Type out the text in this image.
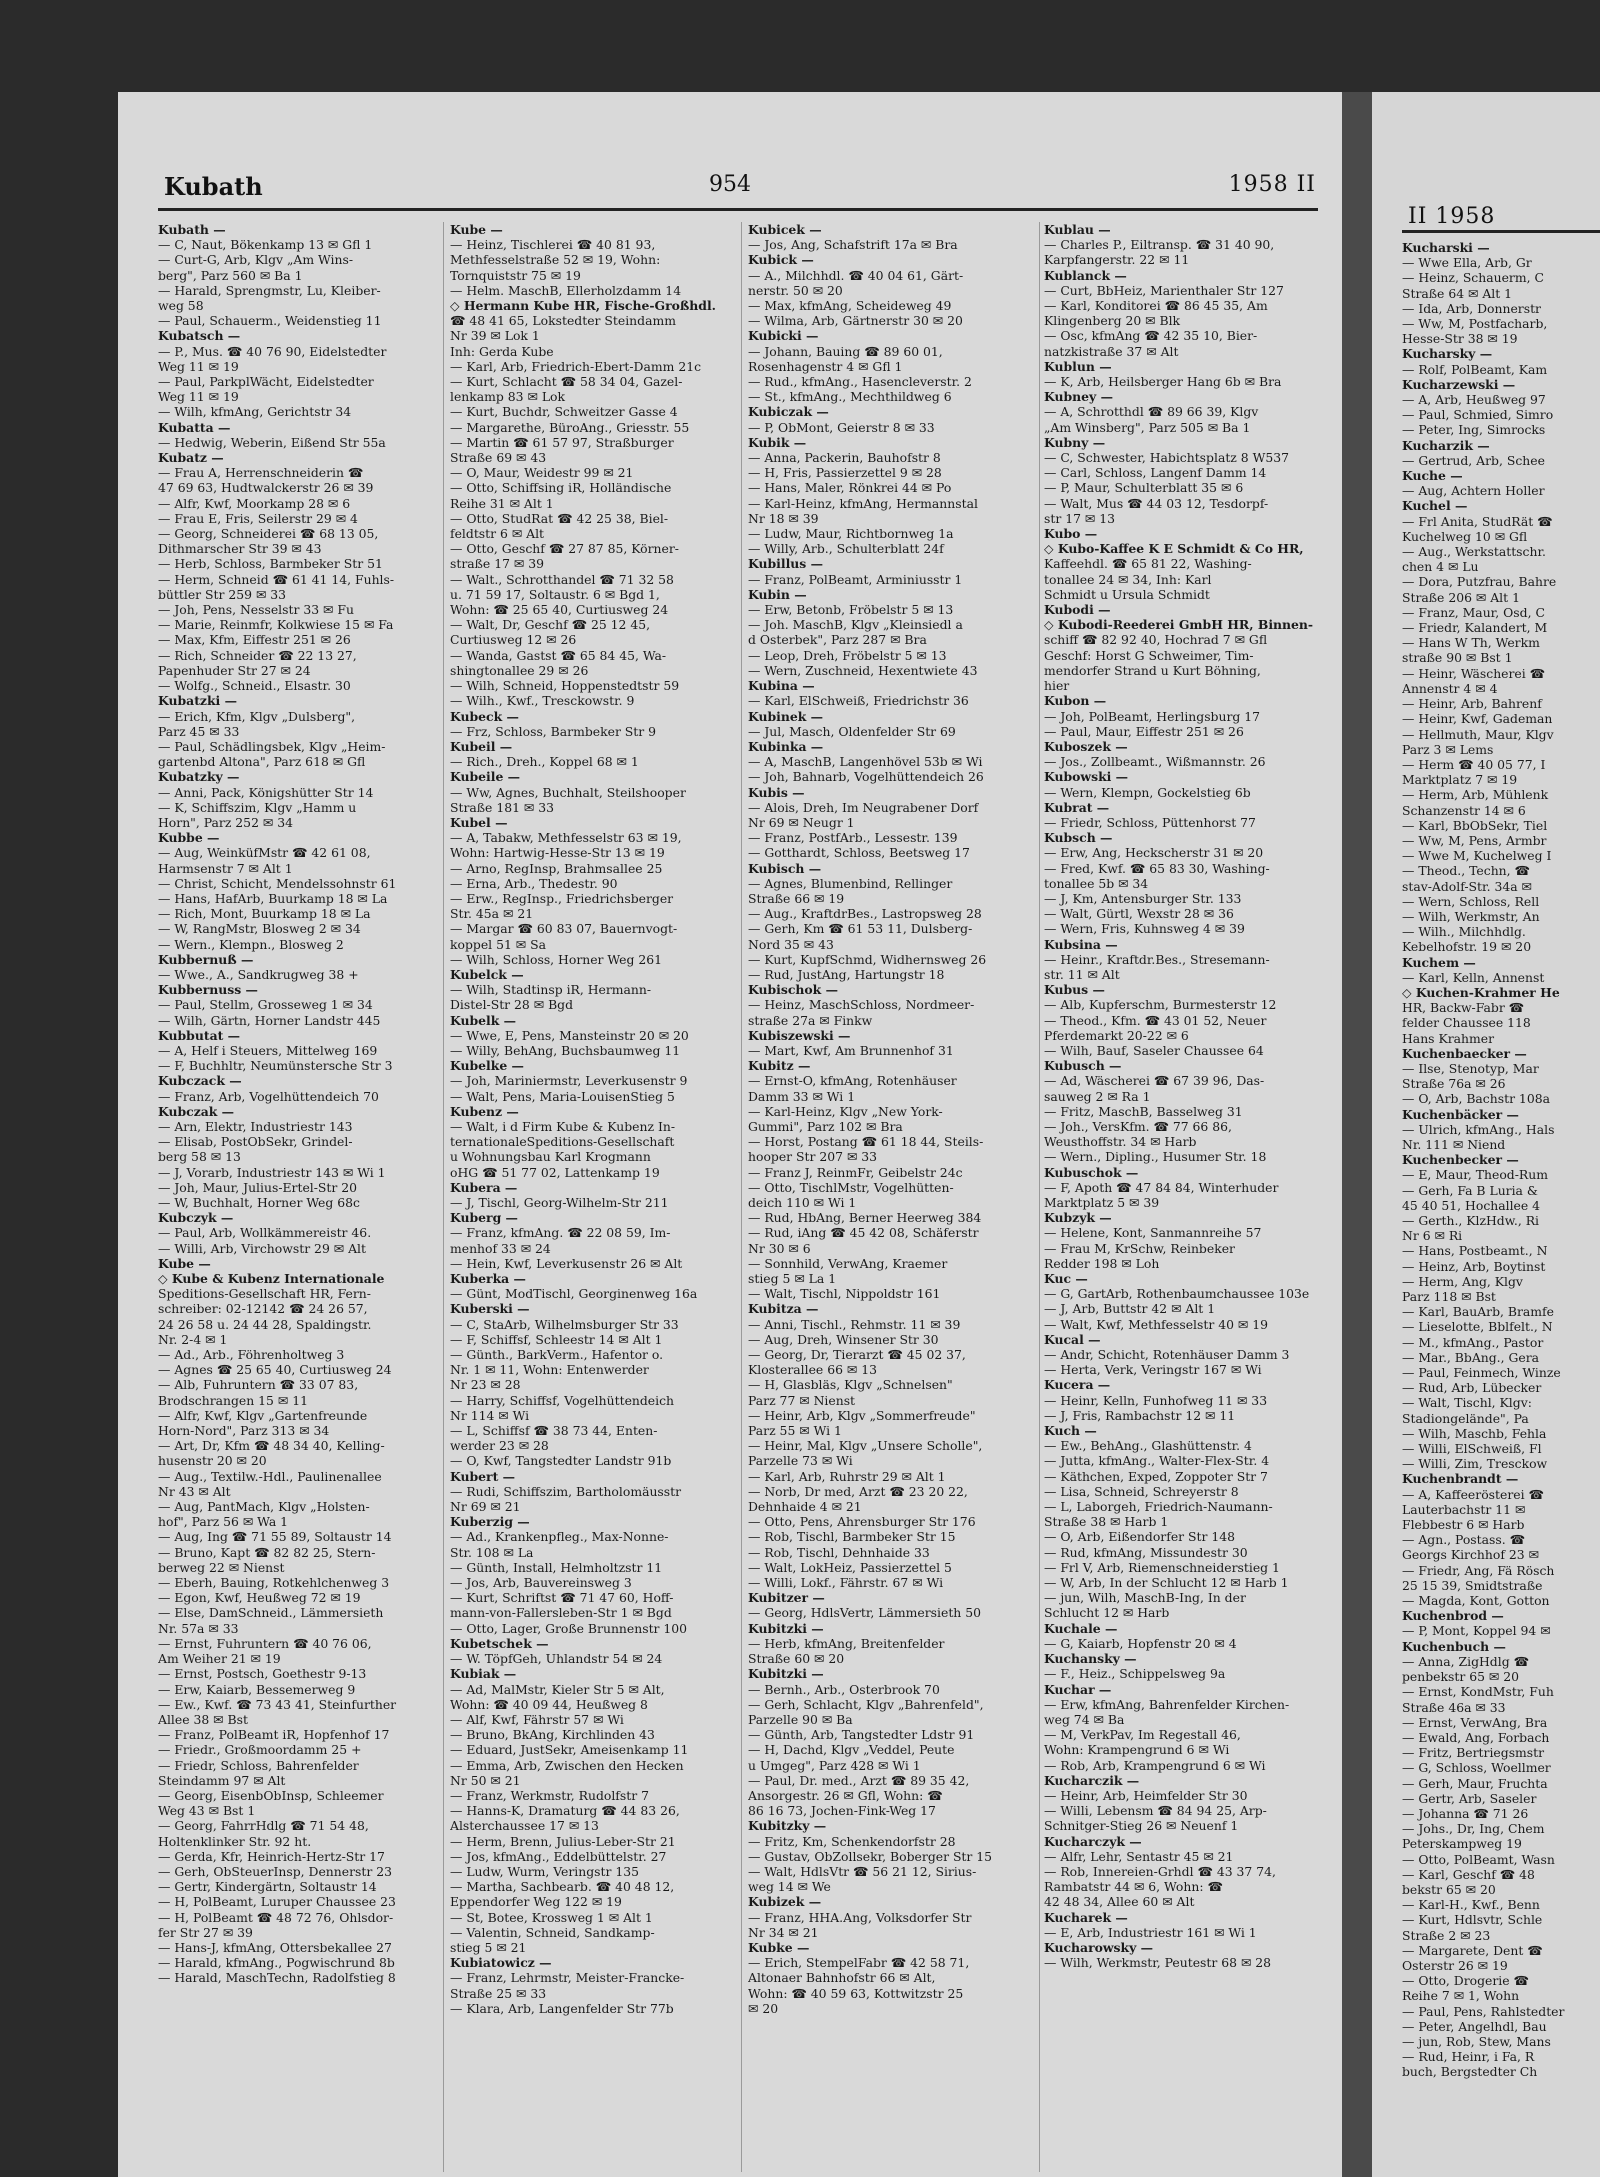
Kubath	954	1958 II
Kubath —
— C, Naut, Bökenkamp 13 ✉ Gfl 1
— Curt-G, Arb, Klgv „Am Wins-
berg", Parz 560 ✉ Ba 1
— Harald, Sprengmstr, Lu, Kleiber-
weg 58
— Paul, Schauerm., Weidenstieg 11
Kubatsch —
— P., Mus. ☎ 40 76 90, Eidelstedter
Weg 11 ✉ 19
— Paul, ParkplWächt, Eidelstedter
Weg 11 ✉ 19
— Wilh, kfmAng, Gerichtstr 34
Kubatta —
— Hedwig, Weberin, Eißend Str 55a
Kubatz —
— Frau A, Herrenschneiderin ☎
47 69 63, Hudtwalckerstr 26 ✉ 39
— Alfr, Kwf, Moorkamp 28 ✉ 6
— Frau E, Fris, Seilerstr 29 ✉ 4
— Georg, Schneiderei ☎ 68 13 05,
Dithmarscher Str 39 ✉ 43
— Herb, Schloss, Barmbeker Str 51
— Herm, Schneid ☎ 61 41 14, Fuhls-
büttler Str 259 ✉ 33
— Joh, Pens, Nesselstr 33 ✉ Fu
— Marie, Reinmfr, Kolkwiese 15 ✉ Fa
— Max, Kfm, Eiffestr 251 ✉ 26
— Rich, Schneider ☎ 22 13 27,
Papenhuder Str 27 ✉ 24
— Wolfg., Schneid., Elsastr. 30
Kubatzki —
— Erich, Kfm, Klgv „Dulsberg",
Parz 45 ✉ 33
— Paul, Schädlingsbek, Klgv „Heim-
gartenbd Altona", Parz 618 ✉ Gfl
Kubatzky —
— Anni, Pack, Königshütter Str 14
— K, Schiffszim, Klgv „Hamm u
Horn", Parz 252 ✉ 34
Kubbe —
— Aug, WeinküfMstr ☎ 42 61 08,
Harmsenstr 7 ✉ Alt 1
— Christ, Schicht, Mendelssohnstr 61
— Hans, HafArb, Buurkamp 18 ✉ La
— Rich, Mont, Buurkamp 18 ✉ La
— W, RangMstr, Blosweg 2 ✉ 34
— Wern., Klempn., Blosweg 2
Kubbernuß —
— Wwe., A., Sandkrugweg 38 +
Kubbernuss —
— Paul, Stellm, Grosseweg 1 ✉ 34
— Wilh, Gärtn, Horner Landstr 445
Kubbutat —
— A, Helf i Steuers, Mittelweg 169
— F, Buchhltr, Neumünstersche Str 3
Kubczack —
— Franz, Arb, Vogelhüttendeich 70
Kubczak —
— Arn, Elektr, Industriestr 143
— Elisab, PostObSekr, Grindel-
berg 58 ✉ 13
— J, Vorarb, Industriestr 143 ✉ Wi 1
— Joh, Maur, Julius-Ertel-Str 20
— W, Buchhalt, Horner Weg 68c
Kubczyk —
— Paul, Arb, Wollkämmereistr 46.
— Willi, Arb, Virchowstr 29 ✉ Alt
Kube —
◇ Kube & Kubenz Internationale
Speditions-Gesellschaft HR, Fern-
schreiber: 02-12142 ☎ 24 26 57,
24 26 58 u. 24 44 28, Spaldingstr.
Nr. 2-4 ✉ 1
— Ad., Arb., Föhrenholtweg 3
— Agnes ☎ 25 65 40, Curtiusweg 24
— Alb, Fuhruntern ☎ 33 07 83,
Brodschrangen 15 ✉ 11
— Alfr, Kwf, Klgv „Gartenfreunde
Horn-Nord", Parz 313 ✉ 34
— Art, Dr, Kfm ☎ 48 34 40, Kelling-
husenstr 20 ✉ 20
— Aug., Textilw.-Hdl., Paulinenallee
Nr 43 ✉ Alt
— Aug, PantMach, Klgv „Holsten-
hof", Parz 56 ✉ Wa 1
— Aug, Ing ☎ 71 55 89, Soltaustr 14
— Bruno, Kapt ☎ 82 82 25, Stern-
berweg 22 ✉ Nienst
— Eberh, Bauing, Rotkehlchenweg 3
— Egon, Kwf, Heußweg 72 ✉ 19
— Else, DamSchneid., Lämmersieth
Nr. 57a ✉ 33
— Ernst, Fuhruntern ☎ 40 76 06,
Am Weiher 21 ✉ 19
— Ernst, Postsch, Goethestr 9-13
— Erw, Kaiarb, Bessemerweg 9
— Ew., Kwf. ☎ 73 43 41, Steinfurther
Allee 38 ✉ Bst
— Franz, PolBeamt iR, Hopfenhof 17
— Friedr., Großmoordamm 25 +
— Friedr, Schloss, Bahrenfelder
Steindamm 97 ✉ Alt
— Georg, EisenbObInsp, Schleemer
Weg 43 ✉ Bst 1
— Georg, FahrrHdlg ☎ 71 54 48,
Holtenklinker Str. 92 ht.
— Gerda, Kfr, Heinrich-Hertz-Str 17
— Gerh, ObSteuerInsp, Dennerstr 23
— Gertr, Kindergärtn, Soltaustr 14
— H, PolBeamt, Luruper Chaussee 23
— H, PolBeamt ☎ 48 72 76, Ohlsdor-
fer Str 27 ✉ 39
— Hans-J, kfmAng, Ottersbekallee 27
— Harald, kfmAng., Pogwischrund 8b
— Harald, MaschTechn, Radolfstieg 8
Kube —
— Heinz, Tischlerei ☎ 40 81 93,
Methfesselstraße 52 ✉ 19, Wohn:
Tornquiststr 75 ✉ 19
— Helm. MaschB, Ellerholzdamm 14
◇ Hermann Kube HR, Fische-Großhdl.
☎ 48 41 65, Lokstedter Steindamm
Nr 39 ✉ Lok 1
Inh: Gerda Kube
— Karl, Arb, Friedrich-Ebert-Damm 21c
— Kurt, Schlacht ☎ 58 34 04, Gazel-
lenkamp 83 ✉ Lok
— Kurt, Buchdr, Schweitzer Gasse 4
— Margarethe, BüroAng., Griesstr. 55
— Martin ☎ 61 57 97, Straßburger
Straße 69 ✉ 43
— O, Maur, Weidestr 99 ✉ 21
— Otto, Schiffsing iR, Holländische
Reihe 31 ✉ Alt 1
— Otto, StudRat ☎ 42 25 38, Biel-
feldtstr 6 ✉ Alt
— Otto, Geschf ☎ 27 87 85, Körner-
straße 17 ✉ 39
— Walt., Schrotthandel ☎ 71 32 58
u. 71 59 17, Soltaustr. 6 ✉ Bgd 1,
Wohn: ☎ 25 65 40, Curtiusweg 24
— Walt, Dr, Geschf ☎ 25 12 45,
Curtiusweg 12 ✉ 26
— Wanda, Gastst ☎ 65 84 45, Wa-
shingtonallee 29 ✉ 26
— Wilh, Schneid, Hoppenstedtstr 59
— Wilh., Kwf., Tresckowstr. 9
Kubeck —
— Frz, Schloss, Barmbeker Str 9
Kubeil —
— Rich., Dreh., Koppel 68 ✉ 1
Kubeile —
— Ww, Agnes, Buchhalt, Steilshooper
Straße 181 ✉ 33
Kubel —
— A, Tabakw, Methfesselstr 63 ✉ 19,
Wohn: Hartwig-Hesse-Str 13 ✉ 19
— Arno, RegInsp, Brahmsallee 25
— Erna, Arb., Thedestr. 90
— Erw., RegInsp., Friedrichsberger
Str. 45a ✉ 21
— Margar ☎ 60 83 07, Bauernvogt-
koppel 51 ✉ Sa
— Wilh, Schloss, Horner Weg 261
Kubelck —
— Wilh, Stadtinsp iR, Hermann-
Distel-Str 28 ✉ Bgd
Kubelk —
— Wwe, E, Pens, Mansteinstr 20 ✉ 20
— Willy, BehAng, Buchsbaumweg 11
Kubelke —
— Joh, Mariniermstr, Leverkusenstr 9
— Walt, Pens, Maria-LouisenStieg 5
Kubenz —
— Walt, i d Firm Kube & Kubenz In-
ternationaleSpeditions-Gesellschaft
u Wohnungsbau Karl Krogmann
oHG ☎ 51 77 02, Lattenkamp 19
Kubera —
— J, Tischl, Georg-Wilhelm-Str 211
Kuberg —
— Franz, kfmAng. ☎ 22 08 59, Im-
menhof 33 ✉ 24
— Hein, Kwf, Leverkusenstr 26 ✉ Alt
Kuberka —
— Günt, ModTischl, Georginenweg 16a
Kuberski —
— C, StaArb, Wilhelmsburger Str 33
— F, Schiffsf, Schleestr 14 ✉ Alt 1
— Günth., BarkVerm., Hafentor o.
Nr. 1 ✉ 11, Wohn: Entenwerder
Nr 23 ✉ 28
— Harry, Schiffsf, Vogelhüttendeich
Nr 114 ✉ Wi
— L, Schiffsf ☎ 38 73 44, Enten-
werder 23 ✉ 28
— O, Kwf, Tangstedter Landstr 91b
Kubert —
— Rudi, Schiffszim, Bartholomäusstr
Nr 69 ✉ 21
Kuberzig —
— Ad., Krankenpfleg., Max-Nonne-
Str. 108 ✉ La
— Günth, Install, Helmholtzstr 11
— Jos, Arb, Bauvereinsweg 3
— Kurt, Schriftst ☎ 71 47 60, Hoff-
mann-von-Fallersleben-Str 1 ✉ Bgd
— Otto, Lager, Große Brunnenstr 100
Kubetschek —
— W. TöpfGeh, Uhlandstr 54 ✉ 24
Kubiak —
— Ad, MalMstr, Kieler Str 5 ✉ Alt,
Wohn: ☎ 40 09 44, Heußweg 8
— Alf, Kwf, Fährstr 57 ✉ Wi
— Bruno, BkAng, Kirchlinden 43
— Eduard, JustSekr, Ameisenkamp 11
— Emma, Arb, Zwischen den Hecken
Nr 50 ✉ 21
— Franz, Werkmstr, Rudolfstr 7
— Hanns-K, Dramaturg ☎ 44 83 26,
Alsterchaussee 17 ✉ 13
— Herm, Brenn, Julius-Leber-Str 21
— Jos, kfmAng., Eddelbüttelstr. 27
— Ludw, Wurm, Veringstr 135
— Martha, Sachbearb. ☎ 40 48 12,
Eppendorfer Weg 122 ✉ 19
— St, Botee, Krossweg 1 ✉ Alt 1
— Valentin, Schneid, Sandkamp-
stieg 5 ✉ 21
Kubiatowicz —
— Franz, Lehrmstr, Meister-Francke-
Straße 25 ✉ 33
— Klara, Arb, Langenfelder Str 77b
Kubicek —
— Jos, Ang, Schafstrift 17a ✉ Bra
Kubick —
— A., Milchhdl. ☎ 40 04 61, Gärt-
nerstr. 50 ✉ 20
— Max, kfmAng, Scheideweg 49
— Wilma, Arb, Gärtnerstr 30 ✉ 20
Kubicki —
— Johann, Bauing ☎ 89 60 01,
Rosenhagenstr 4 ✉ Gfl 1
— Rud., kfmAng., Hasencleverstr. 2
— St., kfmAng., Mechthildweg 6
Kubiczak —
— P, ObMont, Geierstr 8 ✉ 33
Kubik —
— Anna, Packerin, Bauhofstr 8
— H, Fris, Passierzettel 9 ✉ 28
— Hans, Maler, Rönkrei 44 ✉ Po
— Karl-Heinz, kfmAng, Hermannstal
Nr 18 ✉ 39
— Ludw, Maur, Richtbornweg 1a
— Willy, Arb., Schulterblatt 24f
Kubillus —
— Franz, PolBeamt, Arminiusstr 1
Kubin —
— Erw, Betonb, Fröbelstr 5 ✉ 13
— Joh. MaschB, Klgv „Kleinsiedl a
d Osterbek", Parz 287 ✉ Bra
— Leop, Dreh, Fröbelstr 5 ✉ 13
— Wern, Zuschneid, Hexentwiete 43
Kubina —
— Karl, ElSchweiß, Friedrichstr 36
Kubinek —
— Jul, Masch, Oldenfelder Str 69
Kubinka —
— A, MaschB, Langenhövel 53b ✉ Wi
— Joh, Bahnarb, Vogelhüttendeich 26
Kubis —
— Alois, Dreh, Im Neugrabener Dorf
Nr 69 ✉ Neugr 1
— Franz, PostfArb., Lessestr. 139
— Gotthardt, Schloss, Beetsweg 17
Kubisch —
— Agnes, Blumenbind, Rellinger
Straße 66 ✉ 19
— Aug., KraftdrBes., Lastropsweg 28
— Gerh, Km ☎ 61 53 11, Dulsberg-
Nord 35 ✉ 43
— Kurt, KupfSchmd, Widhernsweg 26
— Rud, JustAng, Hartungstr 18
Kubischok —
— Heinz, MaschSchloss, Nordmeer-
straße 27a ✉ Finkw
Kubiszewski —
— Mart, Kwf, Am Brunnenhof 31
Kubitz —
— Ernst-O, kfmAng, Rotenhäuser
Damm 33 ✉ Wi 1
— Karl-Heinz, Klgv „New York-
Gummi", Parz 102 ✉ Bra
— Horst, Postang ☎ 61 18 44, Steils-
hooper Str 207 ✉ 33
— Franz J, ReinmFr, Geibelstr 24c
— Otto, TischlMstr, Vogelhütten-
deich 110 ✉ Wi 1
— Rud, HbAng, Berner Heerweg 384
— Rud, iAng ☎ 45 42 08, Schäferstr
Nr 30 ✉ 6
— Sonnhild, VerwAng, Kraemer
stieg 5 ✉ La 1
— Walt, Tischl, Nippoldstr 161
Kubitza —
— Anni, Tischl., Rehmstr. 11 ✉ 39
— Aug, Dreh, Winsener Str 30
— Georg, Dr, Tierarzt ☎ 45 02 37,
Klosterallee 66 ✉ 13
— H, Glasbläs, Klgv „Schnelsen"
Parz 77 ✉ Nienst
— Heinr, Arb, Klgv „Sommerfreude"
Parz 55 ✉ Wi 1
— Heinr, Mal, Klgv „Unsere Scholle",
Parzelle 73 ✉ Wi
— Karl, Arb, Ruhrstr 29 ✉ Alt 1
— Norb, Dr med, Arzt ☎ 23 20 22,
Dehnhaide 4 ✉ 21
— Otto, Pens, Ahrensburger Str 176
— Rob, Tischl, Barmbeker Str 15
— Rob, Tischl, Dehnhaide 33
— Walt, LokHeiz, Passierzettel 5
— Willi, Lokf., Fährstr. 67 ✉ Wi
Kubitzer —
— Georg, HdlsVertr, Lämmersieth 50
Kubitzki —
— Herb, kfmAng, Breitenfelder
Straße 60 ✉ 20
Kubitzki —
— Bernh., Arb., Osterbrook 70
— Gerh, Schlacht, Klgv „Bahrenfeld",
Parzelle 90 ✉ Ba
— Günth, Arb, Tangstedter Ldstr 91
— H, Dachd, Klgv „Veddel, Peute
u Umgeg", Parz 428 ✉ Wi 1
— Paul, Dr. med., Arzt ☎ 89 35 42,
Ansorgestr. 26 ✉ Gfl, Wohn: ☎
86 16 73, Jochen-Fink-Weg 17
Kubitzky —
— Fritz, Km, Schenkendorfstr 28
— Gustav, ObZollsekr, Boberger Str 15
— Walt, HdlsVtr ☎ 56 21 12, Sirius-
weg 14 ✉ We
Kubizek —
— Franz, HHA.Ang, Volksdorfer Str
Nr 34 ✉ 21
Kubke —
— Erich, StempelFabr ☎ 42 58 71,
Altonaer Bahnhofstr 66 ✉ Alt,
Wohn: ☎ 40 59 63, Kottwitzstr 25
✉ 20
Kublau —
— Charles P., Eiltransp. ☎ 31 40 90,
Karpfangerstr. 22 ✉ 11
Kublanck —
— Curt, BbHeiz, Marienthaler Str 127
— Karl, Konditorei ☎ 86 45 35, Am
Klingenberg 20 ✉ Blk
— Osc, kfmAng ☎ 42 35 10, Bier-
natzkistraße 37 ✉ Alt
Kublun —
— K, Arb, Heilsberger Hang 6b ✉ Bra
Kubney —
— A, Schrotthdl ☎ 89 66 39, Klgv
„Am Winsberg", Parz 505 ✉ Ba 1
Kubny —
— C, Schwester, Habichtsplatz 8 W537
— Carl, Schloss, Langenf Damm 14
— P, Maur, Schulterblatt 35 ✉ 6
— Walt, Mus ☎ 44 03 12, Tesdorpf-
str 17 ✉ 13
Kubo —
◇ Kubo-Kaffee K E Schmidt & Co HR,
Kaffeehdl. ☎ 65 81 22, Washing-
tonallee 24 ✉ 34, Inh: Karl
Schmidt u Ursula Schmidt
Kubodi —
◇ Kubodi-Reederei GmbH HR, Binnen-
schiff ☎ 82 92 40, Hochrad 7 ✉ Gfl
Geschf: Horst G Schweimer, Tim-
mendorfer Strand u Kurt Böhning,
hier
Kubon —
— Joh, PolBeamt, Herlingsburg 17
— Paul, Maur, Eiffestr 251 ✉ 26
Kuboszek —
— Jos., Zollbeamt., Wißmannstr. 26
Kubowski —
— Wern, Klempn, Gockelstieg 6b
Kubrat —
— Friedr, Schloss, Püttenhorst 77
Kubsch —
— Erw, Ang, Heckscherstr 31 ✉ 20
— Fred, Kwf. ☎ 65 83 30, Washing-
tonallee 5b ✉ 34
— J, Km, Antensburger Str. 133
— Walt, Gürtl, Wexstr 28 ✉ 36
— Wern, Fris, Kuhnsweg 4 ✉ 39
Kubsina —
— Heinr., Kraftdr.Bes., Stresemann-
str. 11 ✉ Alt
Kubus —
— Alb, Kupferschm, Burmesterstr 12
— Theod., Kfm. ☎ 43 01 52, Neuer
Pferdemarkt 20-22 ✉ 6
— Wilh, Bauf, Saseler Chaussee 64
Kubusch —
— Ad, Wäscherei ☎ 67 39 96, Das-
sauweg 2 ✉ Ra 1
— Fritz, MaschB, Basselweg 31
— Joh., VersKfm. ☎ 77 66 86,
Weusthoffstr. 34 ✉ Harb
— Wern., Dipling., Husumer Str. 18
Kubuschok —
— F, Apoth ☎ 47 84 84, Winterhuder
Marktplatz 5 ✉ 39
Kubzyk —
— Helene, Kont, Sanmannreihe 57
— Frau M, KrSchw, Reinbeker
Redder 198 ✉ Loh
Kuc —
— G, GartArb, Rothenbaumchaussee 103e
— J, Arb, Buttstr 42 ✉ Alt 1
— Walt, Kwf, Methfesselstr 40 ✉ 19
Kucal —
— Andr, Schicht, Rotenhäuser Damm 3
— Herta, Verk, Veringstr 167 ✉ Wi
Kucera —
— Heinr, Kelln, Funhofweg 11 ✉ 33
— J, Fris, Rambachstr 12 ✉ 11
Kuch —
— Ew., BehAng., Glashüttenstr. 4
— Jutta, kfmAng., Walter-Flex-Str. 4
— Käthchen, Exped, Zoppoter Str 7
— Lisa, Schneid, Schreyerstr 8
— L, Laborgeh, Friedrich-Naumann-
Straße 38 ✉ Harb 1
— O, Arb, Eißendorfer Str 148
— Rud, kfmAng, Missundestr 30
— Frl V, Arb, Riemenschneiderstieg 1
— W, Arb, In der Schlucht 12 ✉ Harb 1
— jun, Wilh, MaschB-Ing, In der
Schlucht 12 ✉ Harb
Kuchale —
— G, Kaiarb, Hopfenstr 20 ✉ 4
Kuchansky —
— F., Heiz., Schippelsweg 9a
Kuchar —
— Erw, kfmAng, Bahrenfelder Kirchen-
weg 74 ✉ Ba
— M, VerkPav, Im Regestall 46,
Wohn: Krampengrund 6 ✉ Wi
— Rob, Arb, Krampengrund 6 ✉ Wi
Kucharczik —
— Heinr, Arb, Heimfelder Str 30
— Willi, Lebensm ☎ 84 94 25, Arp-
Schnitger-Stieg 26 ✉ Neuenf 1
Kucharczyk —
— Alfr, Lehr, Sentastr 45 ✉ 21
— Rob, Innereien-Grhdl ☎ 43 37 74,
Rambatstr 44 ✉ 6, Wohn: ☎
42 48 34, Allee 60 ✉ Alt
Kucharek —
— E, Arb, Industriestr 161 ✉ Wi 1
Kucharowsky —
— Wilh, Werkmstr, Peutestr 68 ✉ 28
II 1958
Kucharski —
— Wwe Ella, Arb, Gr
— Heinz, Schauerm, C
Straße 64 ✉ Alt 1
— Ida, Arb, Donnerstr
— Ww, M, Postfacharb,
Hesse-Str 38 ✉ 19
Kucharsky —
— Rolf, PolBeamt, Kam
Kucharzewski —
— A, Arb, Heußweg 97
— Paul, Schmied, Simro
— Peter, Ing, Simrocks
Kucharzik —
— Gertrud, Arb, Schee
Kuche —
— Aug, Achtern Holler
Kuchel —
— Frl Anita, StudRät ☎
Kuchelweg 10 ✉ Gfl
— Aug., Werkstattschr.
chen 4 ✉ Lu
— Dora, Putzfrau, Bahre
Straße 206 ✉ Alt 1
— Franz, Maur, Osd, C
— Friedr, Kalandert, M
— Hans W Th, Werkm
straße 90 ✉ Bst 1
— Heinr, Wäscherei ☎
Annenstr 4 ✉ 4
— Heinr, Arb, Bahrenf
— Heinr, Kwf, Gademan
— Hellmuth, Maur, Klgv
Parz 3 ✉ Lems
— Herm ☎ 40 05 77, I
Marktplatz 7 ✉ 19
— Herm, Arb, Mühlenk
Schanzenstr 14 ✉ 6
— Karl, BbObSekr, Tiel
— Ww, M, Pens, Armbr
— Wwe M, Kuchelweg I
— Theod., Techn, ☎
stav-Adolf-Str. 34a ✉
— Wern, Schloss, Rell
— Wilh, Werkmstr, An
— Wilh., Milchhdlg.
Kebelhofstr. 19 ✉ 20
Kuchem —
— Karl, Kelln, Annenst
◇ Kuchen-Krahmer He
HR, Backw-Fabr ☎
felder Chaussee 118
Hans Krahmer
Kuchenbaecker —
— Ilse, Stenotyp, Mar
Straße 76a ✉ 26
— O, Arb, Bachstr 108a
Kuchenbäcker —
— Ulrich, kfmAng., Hals
Nr. 111 ✉ Niend
Kuchenbecker —
— E, Maur, Theod-Rum
— Gerh, Fa B Luria &
45 40 51, Hochallee 4
— Gerth., KlzHdw., Ri
Nr 6 ✉ Ri
— Hans, Postbeamt., N
— Heinz, Arb, Boytinst
— Herm, Ang, Klgv
Parz 118 ✉ Bst
— Karl, BauArb, Bramfe
— Lieselotte, Bblfelt., N
— M., kfmAng., Pastor
— Mar., BbAng., Gera
— Paul, Feinmech, Winze
— Rud, Arb, Lübecker
— Walt, Tischl, Klgv:
Stadiongelände", Pa
— Wilh, Maschb, Fehla
— Willi, ElSchweiß, Fl
— Willi, Zim, Tresckow
Kuchenbrandt —
— A, Kaffeerösterei ☎
Lauterbachstr 11 ✉
Flebbestr 6 ✉ Harb
— Agn., Postass. ☎
Georgs Kirchhof 23 ✉
— Friedr, Ang, Fä Rösch
25 15 39, Smidtstraße
— Magda, Kont, Gotton
Kuchenbrod —
— P, Mont, Koppel 94 ✉
Kuchenbuch —
— Anna, ZigHdlg ☎
penbekstr 65 ✉ 20
— Ernst, KondMstr, Fuh
Straße 46a ✉ 33
— Ernst, VerwAng, Bra
— Ewald, Ang, Forbach
— Fritz, Bertriegsmstr
— G, Schloss, Woellmer
— Gerh, Maur, Fruchta
— Gertr, Arb, Saseler
— Johanna ☎ 71 26
— Johs., Dr, Ing, Chem
Peterskampweg 19
— Otto, PolBeamt, Wasn
— Karl, Geschf ☎ 48
bekstr 65 ✉ 20
— Karl-H., Kwf., Benn
— Kurt, Hdlsvtr, Schle
Straße 2 ✉ 23
— Margarete, Dent ☎
Osterstr 26 ✉ 19
— Otto, Drogerie ☎
Reihe 7 ✉ 1, Wohn
— Paul, Pens, Rahlstedter
— Peter, Angelhdl, Bau
— jun, Rob, Stew, Mans
— Rud, Heinr, i Fa, R
buch, Bergstedter Ch
